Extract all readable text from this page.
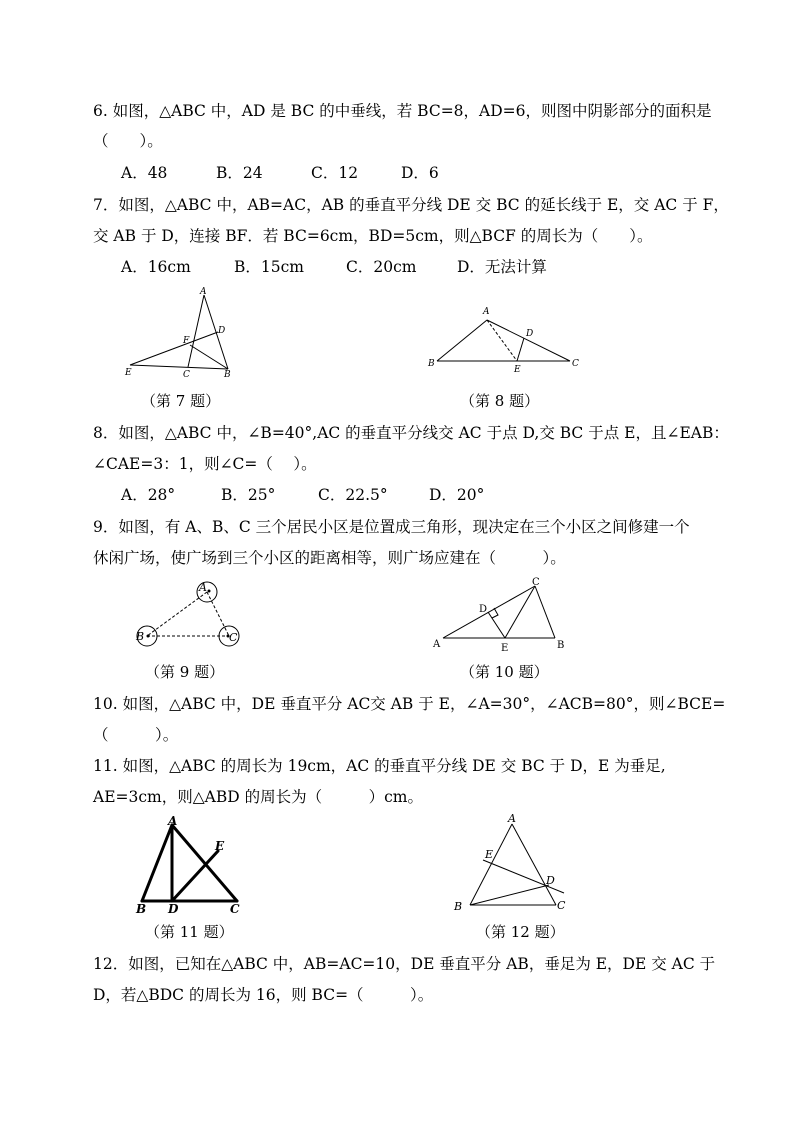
6. 如图，△ABC 中，AD 是 BC 的中垂线，若 BC=8，AD=6，则图中阴影部分的面积是
（　　）。
A．48	B．24	C．12	D．6
7．如图，△ABC 中，AB=AC，AB 的垂直平分线 DE 交 BC 的延长线于 E，交 AC 于 F，
交 AB 于 D，连接 BF．若 BC=6cm，BD=5cm，则△BCF 的周长为（　　）。
A．16cm	B．15cm	C．20cm	D．无法计算
A
D
F
E	C	B
（第 7 题）
A
D
B
E
C
（第 8 题）
8．如图，△ABC 中，∠B=40°,AC 的垂直平分线交 AC 于点 D,交 BC 于点 E，且∠EAB：
∠CAE=3：1，则∠C=（　 ）。
A．28°	B．25°	C．22.5°	D．20°
9．如图，有 A、B、C 三个居民小区是位置成三角形，现决定在三个小区之间修建一个
休闲广场，使广场到三个小区的距离相等，则广场应建在（　　　）。
A
B	C
（第 9 题）
C
D
A	E	B
（第 10 题）
10. 如图，△ABC 中，DE 垂直平分 AC交 AB 于 E，∠A=30°，∠ACB=80°，则∠BCE=
（　　　）。
11. 如图，△ABC 的周长为 19cm，AC 的垂直平分线 DE 交 BC 于 D，E 为垂足,
AE=3cm，则△ABD 的周长为（　　　）cm。
A
E
B D	C
（第 11 题）
A
E
D
B	C
（第 12 题）
12．如图，已知在△ABC 中，AB=AC=10，DE 垂直平分 AB，垂足为 E，DE 交 AC 于
D，若△BDC 的周长为 16，则 BC=（　　　）。
